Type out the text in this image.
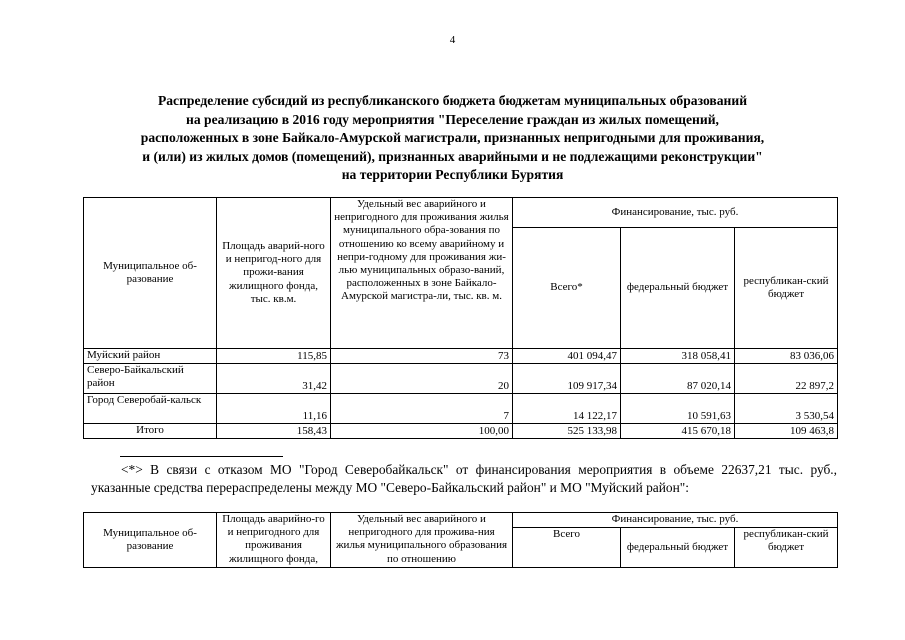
4
Распределение субсидий из республиканского бюджета бюджетам муниципальных образований
на реализацию в 2016 году мероприятия "Переселение граждан из жилых помещений,
расположенных в зоне Байкало-Амурской магистрали, признанных непригодными для проживания,
и (или) из жилых домов (помещений), признанных аварийными и не подлежащими реконструкции"
на территории Республики Бурятия
Муниципальное об-разование	Площадь аварий-ного и непригод-ного для прожи-вания жилищного фонда, тыс. кв.м.	Удельный вес аварийного и непригодного для проживания жилья муниципального обра-зования по отношению ко всему аварийному и непри-годному для проживания жи-лью муниципальных образо-ваний, расположенных в зоне Байкало-Амурской магистра-ли, тыс. кв. м.	Финансирование, тыс. руб.		
			Всего*	федеральный бюджет	республикан-ский бюджет
Муйский район	115,85	73	401 094,47	318 058,41	83 036,06
Северо-Байкальский район	31,42	20	109 917,34	87 020,14	22 897,2
Город Северобай-кальск	11,16	7	14 122,17	10 591,63	3 530,54
Итого	158,43	100,00	525 133,98	415 670,18	109 463,8
<*> В связи с отказом МО "Город Северобайкальск" от финансирования мероприятия в объеме 22637,21 тыс. руб., указанные средства перераспределены между МО "Северо-Байкальский район" и МО "Муйский район":
Муниципальное об-разование	Площадь аварийно-го и непригодного для проживания жилищного фонда,	Удельный вес аварийного и непригодного для прожива-ния жилья муниципального образования по отношению	Финансирование, тыс. руб.		
			Всего	федеральный бюджет	республикан-ский бюджет
